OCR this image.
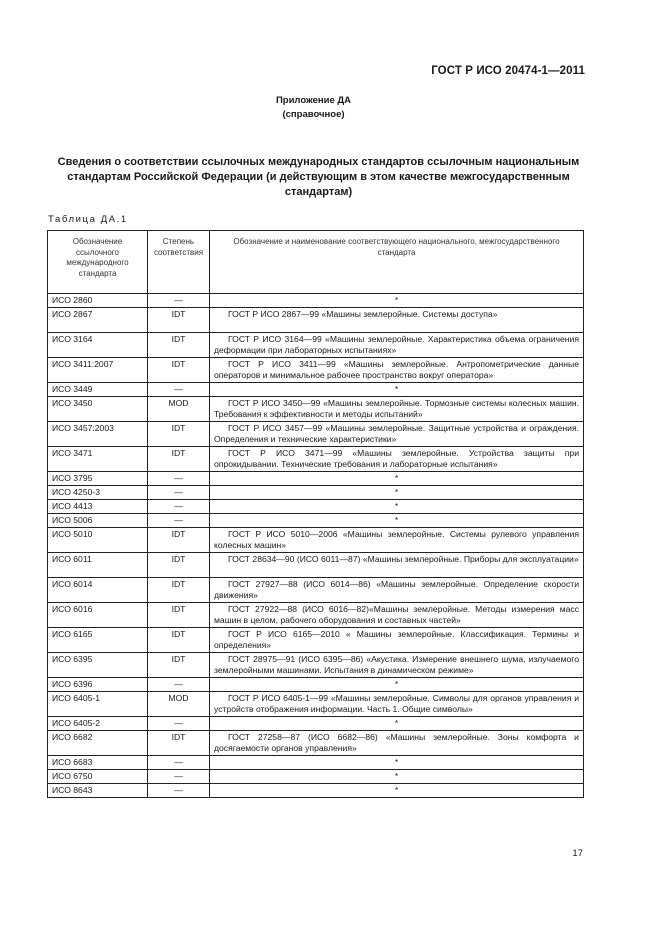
ГОСТ Р ИСО 20474-1—2011
Приложение ДА
(справочное)
Сведения о соответствии ссылочных международных стандартов ссылочным национальным стандартам Российской Федерации (и действующим в этом качестве межгосударственным стандартам)
Таблица ДА.1
Обозначение ссылочного международного стандарта	Степень соответствия	Обозначение и наименование соответствующего национального, межгосударственного стандарта
ИСО 2860	—	*
ИСО 2867	IDT	ГОСТ Р ИСО 2867—99 «Машины землеройные. Системы доступа»
ИСО 3164	IDT	ГОСТ Р ИСО 3164—99 «Машины землеройные. Характеристика объема ограничения деформации при лабораторных испытаниях»
ИСО 3411:2007	IDT	ГОСТ Р ИСО 3411—99 «Машины землеройные. Антропометрические данные операторов и минимальное рабочее пространство вокруг оператора»
ИСО 3449	—	*
ИСО 3450	MOD	ГОСТ Р ИСО 3450—99 «Машины землеройные. Тормозные системы колесных машин. Требования к эффективности и методы испытаний»
ИСО 3457:2003	IDT	ГОСТ Р ИСО 3457—99 «Машины землеройные. Защитные устройства и ограждения. Определения и технические характеристики»
ИСО 3471	IDT	ГОСТ Р ИСО 3471—99 «Машины землеройные. Устройства защиты при опрокидывании. Технические требования и лабораторные испытания»
ИСО 3795	—	*
ИСО 4250-3	—	*
ИСО 4413	—	*
ИСО 5006	—	*
ИСО 5010	IDT	ГОСТ Р ИСО 5010—2006 «Машины землеройные. Системы рулевого управления колесных машин»
ИСО 6011	IDT	ГОСТ 28634—90 (ИСО 6011—87) «Машины землеройные. Приборы для эксплуатации»
ИСО 6014	IDT	ГОСТ 27927—88 (ИСО 6014—86) «Машины землеройные. Определение скорости движения»
ИСО 6016	IDT	ГОСТ 27922—88 (ИСО 6016—82)«Машины землеройные. Методы измерения масс машин в целом, рабочего оборудования и составных частей»
ИСО 6165	IDT	ГОСТ Р ИСО 6165—2010 « Машины землеройные. Классификация. Термины и определения»
ИСО 6395	IDT	ГОСТ 28975—91 (ИСО 6395—86) «Акустика. Измерение внешнего шума, излучаемого землеройными машинами. Испытания в динамическом режиме»
ИСО 6396	—	*
ИСО 6405-1	MOD	ГОСТ Р ИСО 6405-1—99 «Машины землеройные. Символы для органов управления и устройств отображения информации. Часть 1. Общие символы»
ИСО 6405-2	—	*
ИСО 6682	IDT	ГОСТ 27258—87 (ИСО 6682—86) «Машины землеройные. Зоны комфорта и досягаемости органов управления»
ИСО 6683	—	*
ИСО 6750	—	*
ИСО 8643	—	*
17
